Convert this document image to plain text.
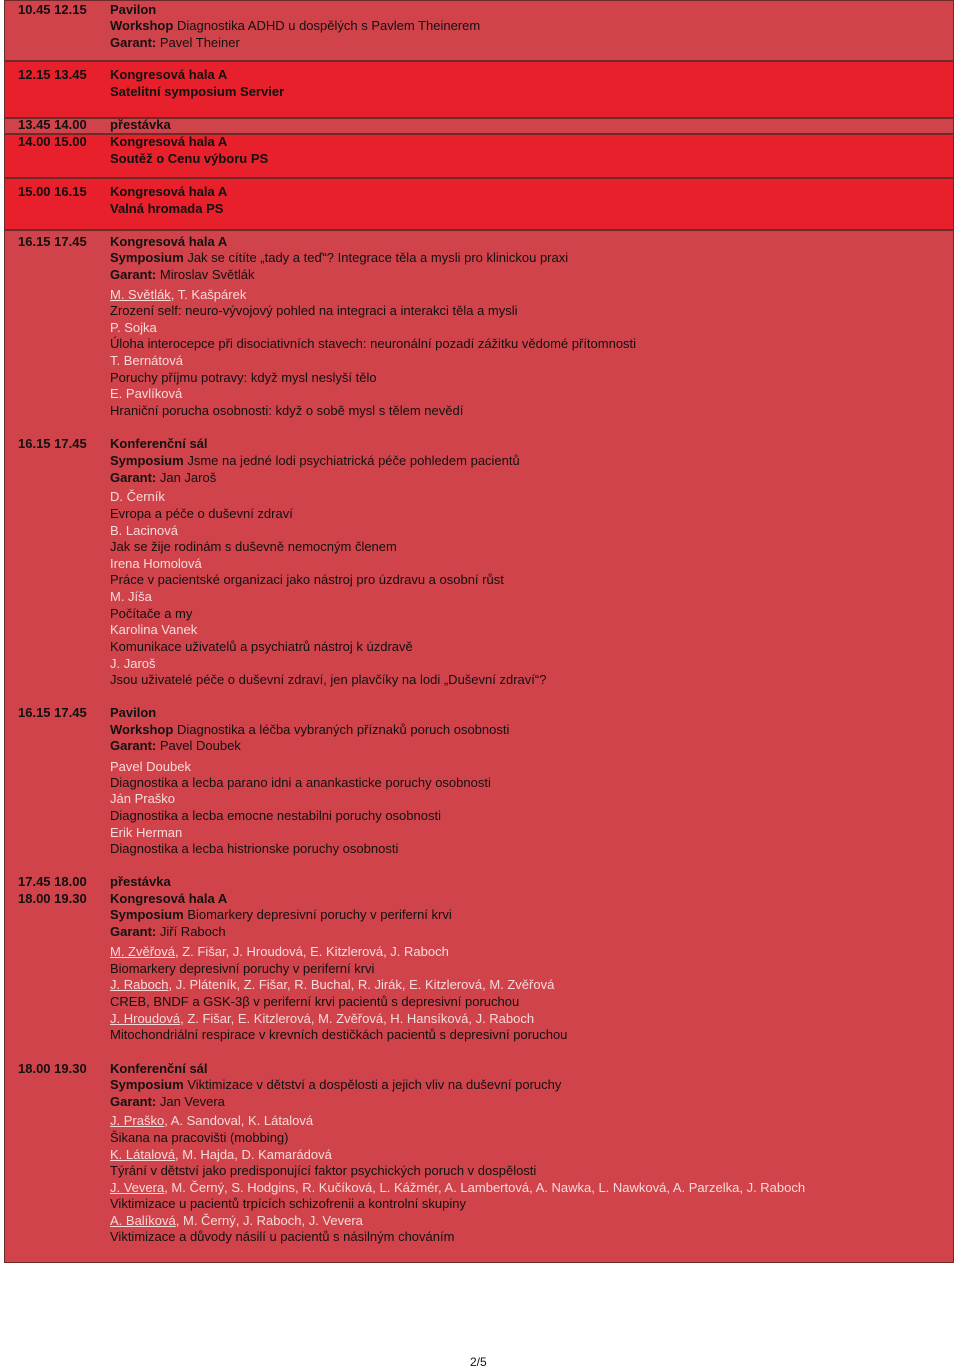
10.45 12.15 Pavilon
Workshop Diagnostika ADHD u dospělých s Pavlem Theinerem
Garant: Pavel Theiner
12.15 13.45 Kongresová hala A
Satelitní symposium Servier
13.45 14.00 přestávka
14.00 15.00 Kongresová hala A
Soutěž o Cenu výboru PS
15.00 16.15 Kongresová hala A
Valná hromada PS
16.15 17.45 Kongresová hala A
Symposium Jak se cítíte „tady a teď“? Integrace těla a mysli pro klinickou praxi
Garant: Miroslav Světlák
M. Světlák, T. Kašpárek
Zrození self: neuro-vývojový pohled na integraci a interakci těla a mysli
P. Sojka
Úloha interocepce při disociativních stavech: neuronální pozadí zážitku vědomé přítomnosti
T. Bernátová
Poruchy příjmu potravy: když mysl neslyší tělo
E. Pavlíková
Hraniční porucha osobnosti: když o sobě mysl s tělem nevědí
16.15 17.45 Konferenční sál
Symposium Jsme na jedné lodi psychiatrická péče pohledem pacientů
Garant: Jan Jaroš
D. Černík
Evropa a péče o duševní zdraví
B. Lacinová
Jak se žije rodinám s duševně nemocným členem
Irena Homolová
Práce v pacientské organizaci jako nástroj pro úzdravu a osobní růst
M. Jíša
Počítače a my
Karolina Vanek
Komunikace uživatelů a psychiatrů nástroj k úzdravě
J. Jaroš
Jsou uživatelé péče o duševní zdraví, jen plavčíky na lodi „Duševní zdraví“?
16.15 17.45 Pavilon
Workshop Diagnostika a léčba vybraných příznaků poruch osobnosti
Garant: Pavel Doubek
Pavel Doubek
Diagnostika a lecba parano idni a anankasticke poruchy osobnosti
Ján Praško
Diagnostika a lecba emocne nestabilni poruchy osobnosti
Erik Herman
Diagnostika a lecba histrionske poruchy osobnosti
17.45 18.00 přestávka
18.00 19.30 Kongresová hala A
Symposium Biomarkery depresivní poruchy v periferní krvi
Garant: Jiří Raboch
M. Zvěřová, Z. Fišar, J. Hroudová, E. Kitzlerová, J. Raboch
Biomarkery depresivní poruchy v periferní krvi
J. Raboch, J. Pláteník, Z. Fišar, R. Buchal, R. Jirák, E. Kitzlerová, M. Zvěřová
CREB, BNDF a GSK-3β v periferní krvi pacientů s depresivní poruchou
J. Hroudová, Z. Fišar, E. Kitzlerová, M. Zvěřová, H. Hansíková, J. Raboch
Mitochondriální respirace v krevních destičkách pacientů s depresivní poruchou
18.00 19.30 Konferenční sál
Symposium Viktimizace v dětství a dospělosti a jejich vliv na duševní poruchy
Garant: Jan Vevera
J. Praško, A. Sandoval, K. Látalová
Šikana na pracovišti (mobbing)
K. Látalová, M. Hajda, D. Kamarádová
Týrání v dětství jako predisponující faktor psychických poruch v dospělosti
J. Vevera, M. Černý, S. Hodgins, R. Kučíková, L. Kážmér, A. Lambertová, A. Nawka, L. Nawková, A. Parzelka, J. Raboch
Viktimizace u pacientů trpících schizofrenii a kontrolní skupiny
A. Balíková, M. Černý, J. Raboch, J. Vevera
Viktimizace a důvody násilí u pacientů s násilným chováním
2/5
